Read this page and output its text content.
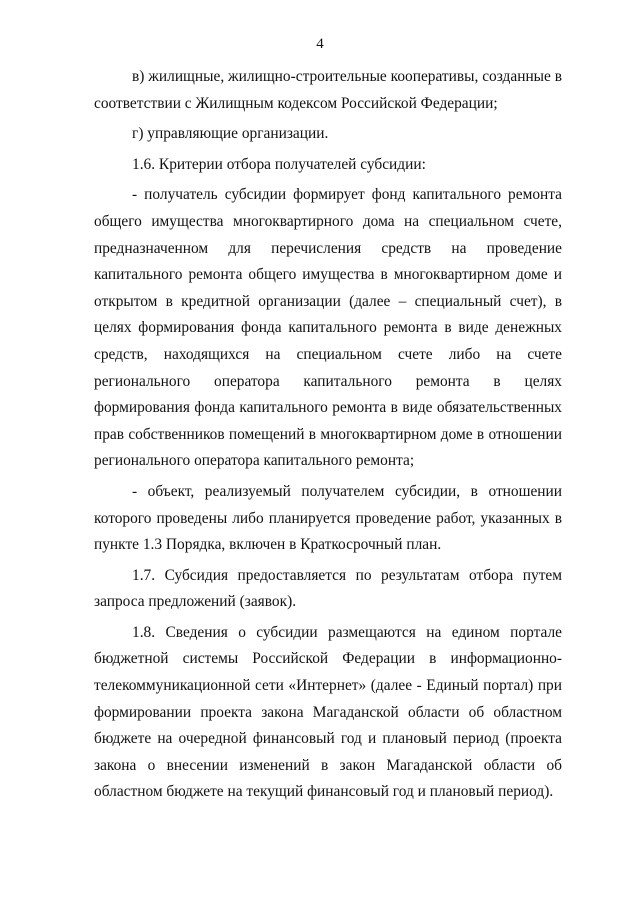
4

в) жилищные, жилищно-строительные кооперативы, созданные в соответствии с Жилищным кодексом Российской Федерации;

г) управляющие организации.

1.6. Критерии отбора получателей субсидии:

- получатель субсидии формирует фонд капитального ремонта общего имущества многоквартирного дома на специальном счете, предназначенном для перечисления средств на проведение капитального ремонта общего имущества в многоквартирном доме и открытом в кредитной организации (далее – специальный счет), в целях формирования фонда капитального ремонта в виде денежных средств, находящихся на специальном счете либо на счете регионального оператора капитального ремонта в целях формирования фонда капитального ремонта в виде обязательственных прав собственников помещений в многоквартирном доме в отношении регионального оператора капитального ремонта;

- объект, реализуемый получателем субсидии, в отношении которого проведены либо планируется проведение работ, указанных в пункте 1.3 Порядка, включен в Краткосрочный план.

1.7. Субсидия предоставляется по результатам отбора путем запроса предложений (заявок).

1.8. Сведения о субсидии размещаются на едином портале бюджетной системы Российской Федерации в информационно-телекоммуникационной сети «Интернет» (далее - Единый портал) при формировании проекта закона Магаданской области об областном бюджете на очередной финансовый год и плановый период (проекта закона о внесении изменений в закон Магаданской области об областном бюджете на текущий финансовый год и плановый период).
